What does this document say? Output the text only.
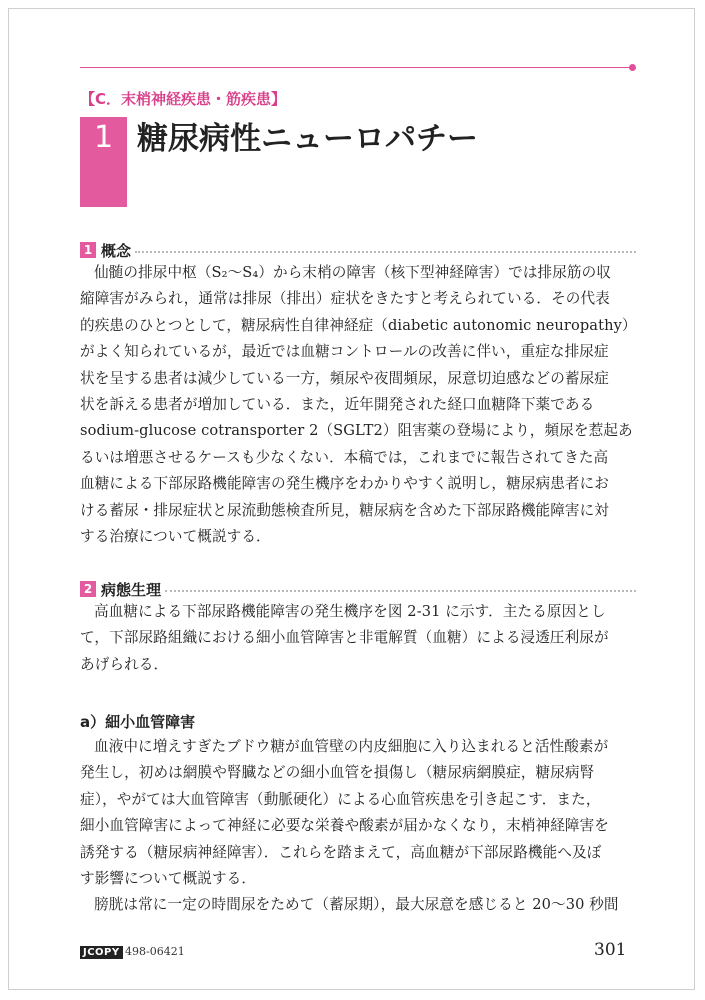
【C．末梢神経疾患・筋疾患】
1 糖尿病性ニューロパチー
1 概念
仙髄の排尿中枢（S₂〜S₄）から末梢の障害（核下型神経障害）では排尿筋の収
縮障害がみられ，通常は排尿（排出）症状をきたすと考えられている．その代表
的疾患のひとつとして，糖尿病性自律神経症（diabetic autonomic neuropathy）
がよく知られているが，最近では血糖コントロールの改善に伴い，重症な排尿症
状を呈する患者は減少している一方，頻尿や夜間頻尿，尿意切迫感などの蓄尿症
状を訴える患者が増加している．また，近年開発された経口血糖降下薬である
sodium-glucose cotransporter 2（SGLT2）阻害薬の登場により，頻尿を惹起あ
るいは増悪させるケースも少なくない．本稿では，これまでに報告されてきた高
血糖による下部尿路機能障害の発生機序をわかりやすく説明し，糖尿病患者にお
ける蓄尿・排尿症状と尿流動態検査所見，糖尿病を含めた下部尿路機能障害に対
する治療について概説する．
2 病態生理
高血糖による下部尿路機能障害の発生機序を図 2-31 に示す．主たる原因とし
て，下部尿路組織における細小血管障害と非電解質（血糖）による浸透圧利尿が
あげられる．
a）細小血管障害
血液中に増えすぎたブドウ糖が血管壁の内皮細胞に入り込まれると活性酸素が
発生し，初めは網膜や腎臓などの細小血管を損傷し（糖尿病網膜症，糖尿病腎
症），やがては大血管障害（動脈硬化）による心血管疾患を引き起こす．また，
細小血管障害によって神経に必要な栄養や酸素が届かなくなり，末梢神経障害を
誘発する（糖尿病神経障害）．これらを踏まえて，高血糖が下部尿路機能へ及ぼ
す影響について概説する．
膀胱は常に一定の時間尿をためて（蓄尿期），最大尿意を感じると 20〜30 秒間
JCOPY 498-06421	301
